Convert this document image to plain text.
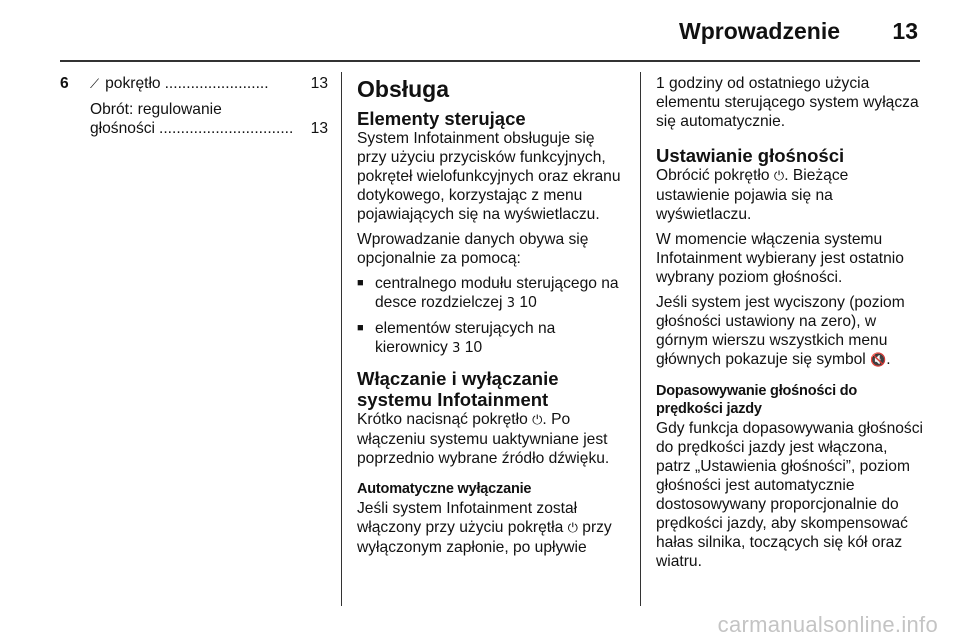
Wprowadzenie 13
6	⟋ pokrętło ........................	13
Obrót: regulowanie
głośności ...............................	13
Obsługa
Elementy sterujące

System Infotainment obsługuje się przy użyciu przycisków funkcyjnych, pokręteł wielofunkcyjnych oraz ekranu dotykowego, korzystając z menu pojawiających się na wyświetlaczu.

Wprowadzanie danych obywa się opcjonalnie za pomocą:

■ centralnego modułu sterującego na desce rozdzielczej 3 10
■ elementów sterujących na kierownicy 3 10
Włączanie i wyłączanie systemu Infotainment

Krótko nacisnąć pokrętło ⏻. Po włączeniu systemu uaktywniane jest poprzednio wybrane źródło dźwięku.

Automatyczne wyłączanie

Jeśli system Infotainment został włączony przy użyciu pokrętła ⏻ przy wyłączonym zapłonie, po upływie

1 godziny od ostatniego użycia elementu sterującego system wyłącza się automatycznie.

Ustawianie głośności

Obrócić pokrętło ⏻. Bieżące ustawienie pojawia się na wyświetlaczu.

W momencie włączenia systemu Infotainment wybierany jest ostatnio wybrany poziom głośności.

Jeśli system jest wyciszony (poziom głośności ustawiony na zero), w górnym wierszu wszystkich menu głównych pokazuje się symbol 🔇.

Dopasowywanie głośności do prędkości jazdy

Gdy funkcja dopasowywania głośności do prędkości jazdy jest włączona, patrz „Ustawienia głośności”, poziom głośności jest automatycznie dostosowywany proporcjonalnie do prędkości jazdy, aby skompensować hałas silnika, toczących się kół oraz wiatru.

carmanualsonline.info
